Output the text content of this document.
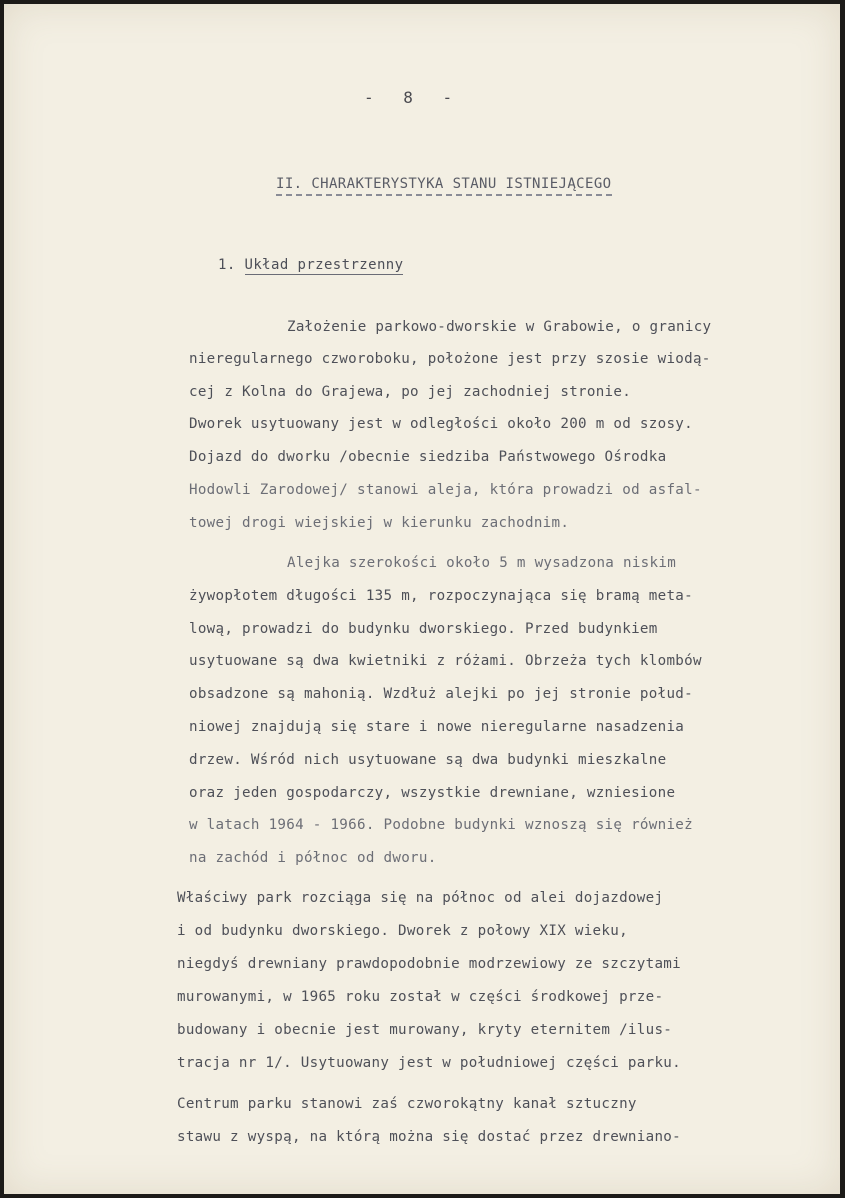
- 8 -
II. CHARAKTERYSTYKA STANU ISTNIEJĄCEGO
1. Układ przestrzenny
Założenie parkowo-dworskie w Grabowie, o granicy
nieregularnego czworoboku, położone jest przy szosie wiodą-
cej z Kolna do Grajewa, po jej zachodniej stronie.
Dworek usytuowany jest w odległości około 200 m od szosy.
Dojazd do dworku /obecnie siedziba Państwowego Ośrodka
Hodowli Zarodowej/ stanowi aleja, która prowadzi od asfal-
towej drogi wiejskiej w kierunku zachodnim.
Alejka szerokości około 5 m wysadzona niskim
żywopłotem długości 135 m, rozpoczynająca się bramą meta-
lową, prowadzi do budynku dworskiego. Przed budynkiem
usytuowane są dwa kwietniki z różami. Obrzeża tych klombów
obsadzone są mahonią. Wzdłuż alejki po jej stronie połud-
niowej znajdują się stare i nowe nieregularne nasadzenia
drzew. Wśród nich usytuowane są dwa budynki mieszkalne
oraz jeden gospodarczy, wszystkie drewniane, wzniesione
w latach 1964 - 1966. Podobne budynki wznoszą się również
na zachód i północ od dworu.
Właściwy park rozciąga się na północ od alei dojazdowej
i od budynku dworskiego. Dworek z połowy XIX wieku,
niegdyś drewniany prawdopodobnie modrzewiowy ze szczytami
murowanymi, w 1965 roku został w części środkowej prze-
budowany i obecnie jest murowany, kryty eternitem /ilus-
tracja nr 1/. Usytuowany jest w południowej części parku.
Centrum parku stanowi zaś czworokątny kanał sztuczny
stawu z wyspą, na którą można się dostać przez drewniano-
